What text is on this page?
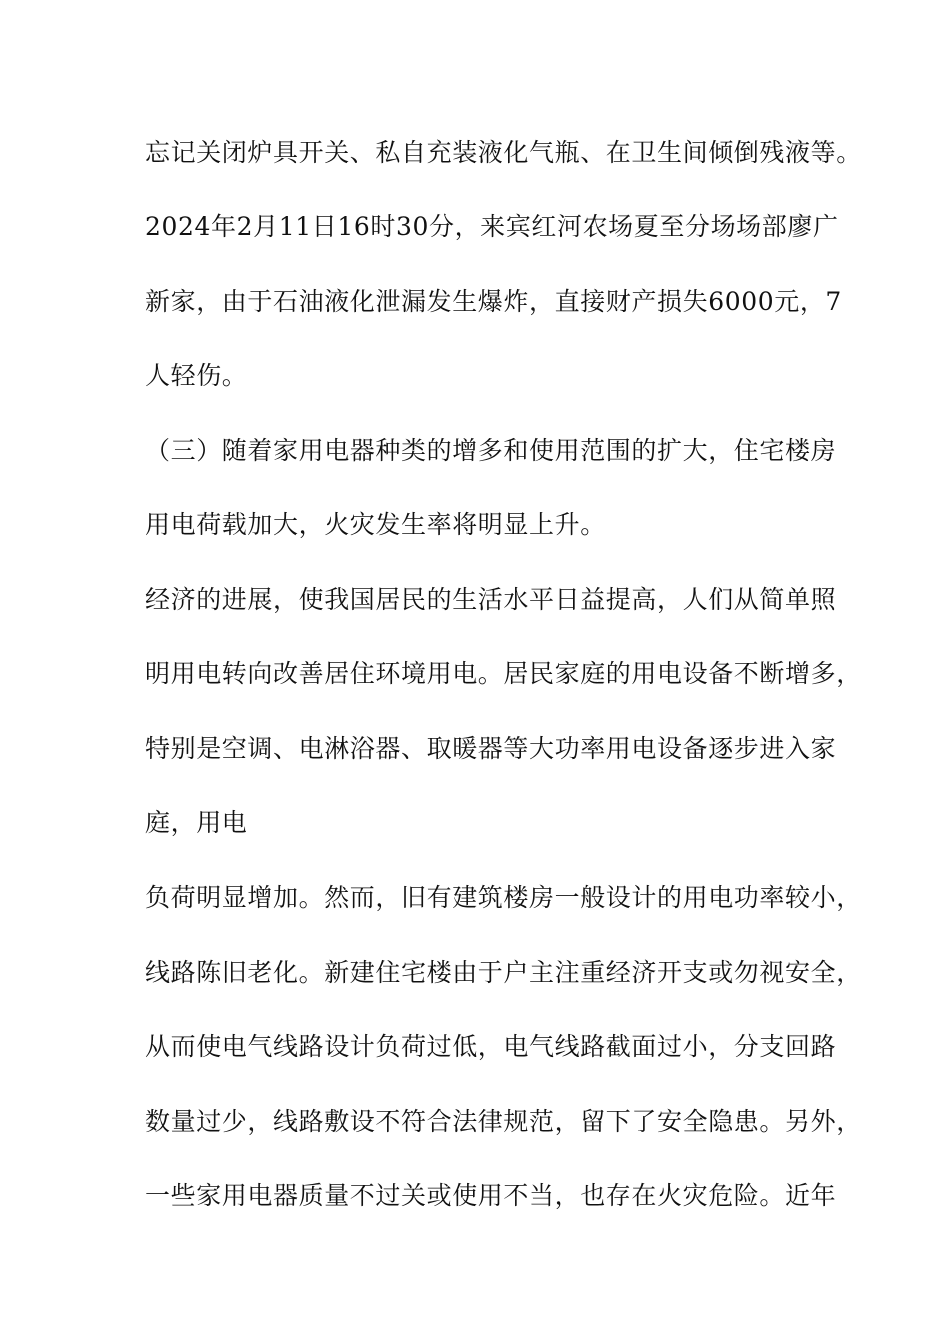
忘记关闭炉具开关、私自充装液化气瓶、在卫生间倾倒残液等。
2024年2月11日16时30分，来宾红河农场夏至分场场部廖广
新家，由于石油液化泄漏发生爆炸，直接财产损失6000元，7
人轻伤。
（三）随着家用电器种类的增多和使用范围的扩大，住宅楼房
用电荷载加大，火灾发生率将明显上升。
经济的进展，使我国居民的生活水平日益提高，人们从简单照
明用电转向改善居住环境用电。居民家庭的用电设备不断增多，
特别是空调、电淋浴器、取暖器等大功率用电设备逐步进入家
庭，用电
负荷明显增加。然而，旧有建筑楼房一般设计的用电功率较小，
线路陈旧老化。新建住宅楼由于户主注重经济开支或勿视安全，
从而使电气线路设计负荷过低，电气线路截面过小，分支回路
数量过少，线路敷设不符合法律规范，留下了安全隐患。另外，
一些家用电器质量不过关或使用不当，也存在火灾危险。近年
